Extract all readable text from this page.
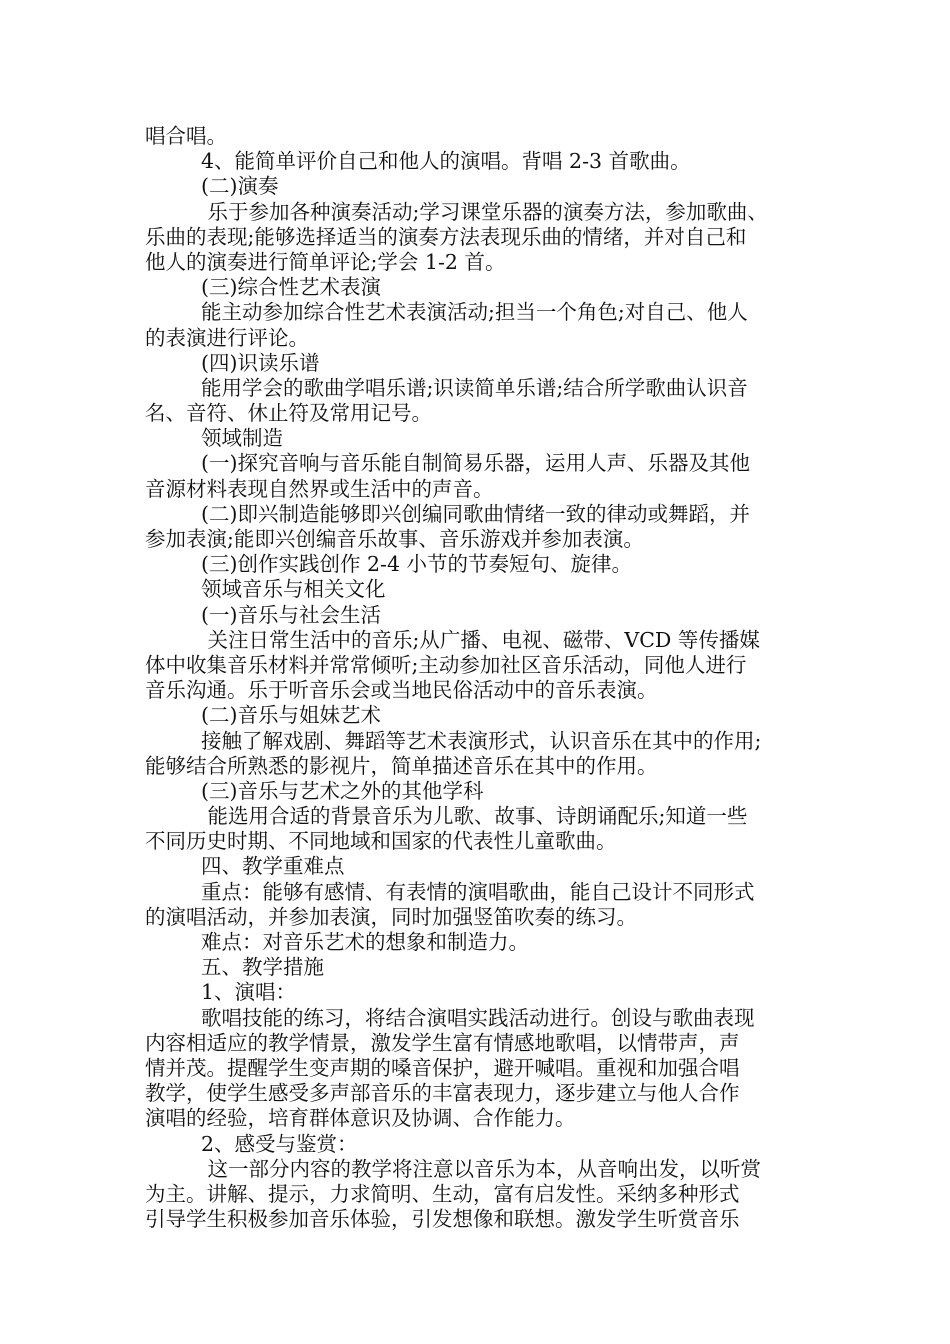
唱合唱。
4、能简单评价自己和他人的演唱。背唱 2-3 首歌曲。
(二)演奏
乐于参加各种演奏活动;学习课堂乐器的演奏方法，参加歌曲、
乐曲的表现;能够选择适当的演奏方法表现乐曲的情绪，并对自己和
他人的演奏进行简单评论;学会 1-2 首。
(三)综合性艺术表演
能主动参加综合性艺术表演活动;担当一个角色;对自己、他人
的表演进行评论。
(四)识读乐谱
能用学会的歌曲学唱乐谱;识读简单乐谱;结合所学歌曲认识音
名、音符、休止符及常用记号。
领域制造
(一)探究音响与音乐能自制简易乐器，运用人声、乐器及其他
音源材料表现自然界或生活中的声音。
(二)即兴制造能够即兴创编同歌曲情绪一致的律动或舞蹈，并
参加表演;能即兴创编音乐故事、音乐游戏并参加表演。
(三)创作实践创作 2-4 小节的节奏短句、旋律。
领域音乐与相关文化
(一)音乐与社会生活
关注日常生活中的音乐;从广播、电视、磁带、VCD 等传播媒
体中收集音乐材料并常常倾听;主动参加社区音乐活动，同他人进行
音乐沟通。乐于听音乐会或当地民俗活动中的音乐表演。
(二)音乐与姐妹艺术
接触了解戏剧、舞蹈等艺术表演形式，认识音乐在其中的作用;
能够结合所熟悉的影视片，简单描述音乐在其中的作用。
(三)音乐与艺术之外的其他学科
能选用合适的背景音乐为儿歌、故事、诗朗诵配乐;知道一些
不同历史时期、不同地域和国家的代表性儿童歌曲。
四、教学重难点
重点：能够有感情、有表情的演唱歌曲，能自己设计不同形式
的演唱活动，并参加表演，同时加强竖笛吹奏的练习。
难点：对音乐艺术的想象和制造力。
五、教学措施
1、演唱：
歌唱技能的练习，将结合演唱实践活动进行。创设与歌曲表现
内容相适应的教学情景，激发学生富有情感地歌唱，以情带声，声
情并茂。提醒学生变声期的嗓音保护，避开喊唱。重视和加强合唱
教学，使学生感受多声部音乐的丰富表现力，逐步建立与他人合作
演唱的经验，培育群体意识及协调、合作能力。
2、感受与鉴赏：
这一部分内容的教学将注意以音乐为本，从音响出发，以听赏
为主。讲解、提示，力求简明、生动，富有启发性。采纳多种形式
引导学生积极参加音乐体验，引发想像和联想。激发学生听赏音乐
